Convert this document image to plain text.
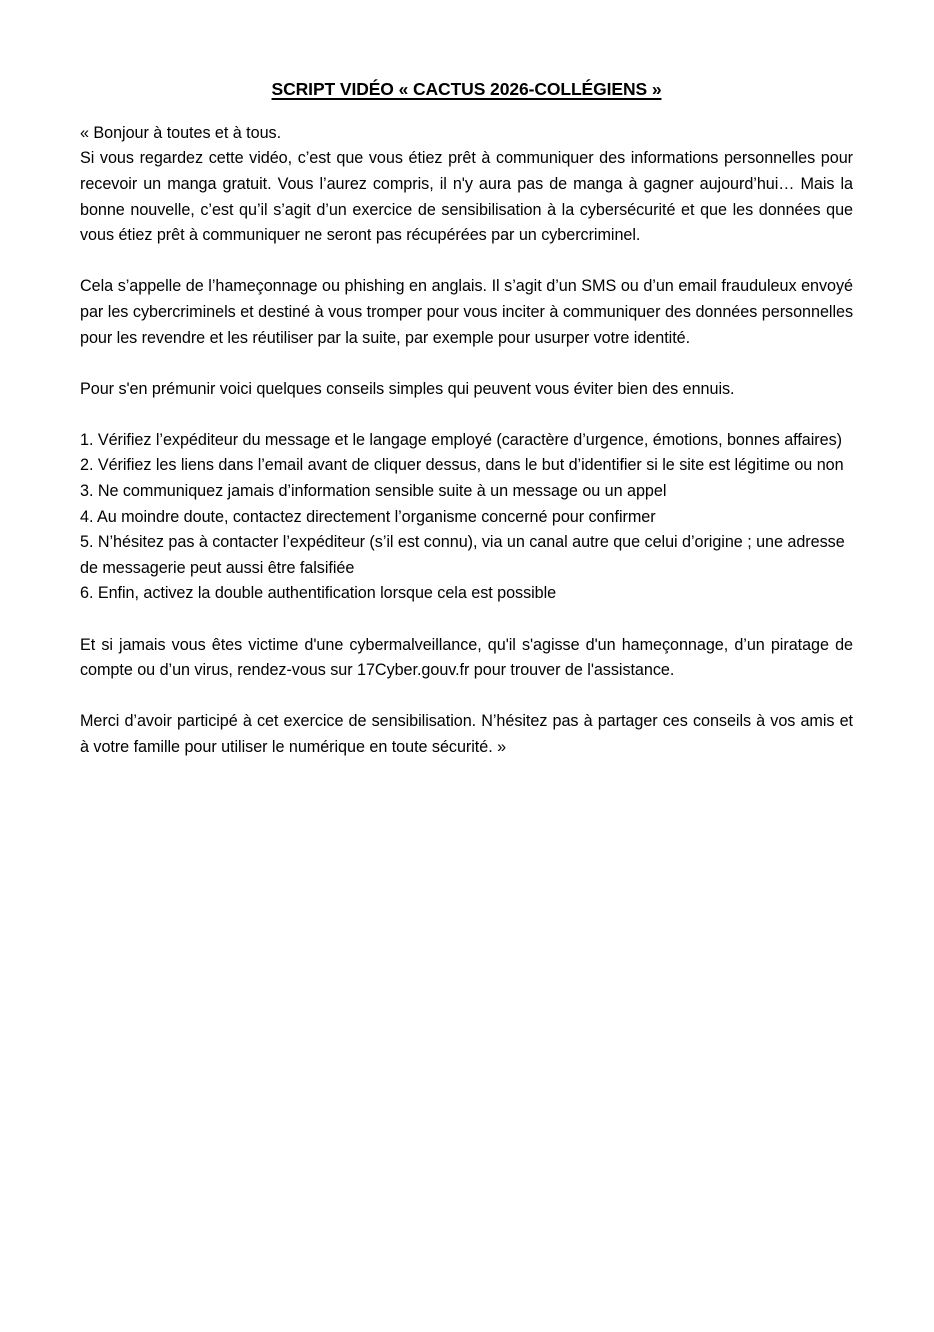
SCRIPT VIDÉO « CACTUS 2026-COLLÉGIENS »

« Bonjour à toutes et à tous.

Si vous regardez cette vidéo, c’est que vous étiez prêt à communiquer des informations personnelles pour recevoir un manga gratuit. Vous l’aurez compris, il n'y aura pas de manga à gagner aujourd’hui… Mais la bonne nouvelle, c’est qu’il s’agit d’un exercice de sensibilisation à la cybersécurité et que les données que vous étiez prêt à communiquer ne seront pas récupérées par un cybercriminel.

Cela s’appelle de l’hameçonnage ou phishing en anglais. Il s’agit d’un SMS ou d’un email frauduleux envoyé par les cybercriminels et destiné à vous tromper pour vous inciter à communiquer des données personnelles pour les revendre et les réutiliser par la suite, par exemple pour usurper votre identité.

Pour s'en prémunir voici quelques conseils simples qui peuvent vous éviter bien des ennuis.

1. Vérifiez l’expéditeur du message et le langage employé (caractère d’urgence, émotions, bonnes affaires)

2. Vérifiez les liens dans l’email avant de cliquer dessus, dans le but d’identifier si le site est légitime ou non

3. Ne communiquez jamais d’information sensible suite à un message ou un appel

4. Au moindre doute, contactez directement l’organisme concerné pour confirmer

5. N’hésitez pas à contacter l’expéditeur (s’il est connu), via un canal autre que celui d’origine ; une adresse de messagerie peut aussi être falsifiée

6. Enfin, activez la double authentification lorsque cela est possible

Et si jamais vous êtes victime d'une cybermalveillance, qu'il s'agisse d'un hameçonnage, d’un piratage de compte ou d’un virus, rendez-vous sur 17Cyber.gouv.fr pour trouver de l'assistance.

Merci d’avoir participé à cet exercice de sensibilisation. N’hésitez pas à partager ces conseils à vos amis et à votre famille pour utiliser le numérique en toute sécurité. »
